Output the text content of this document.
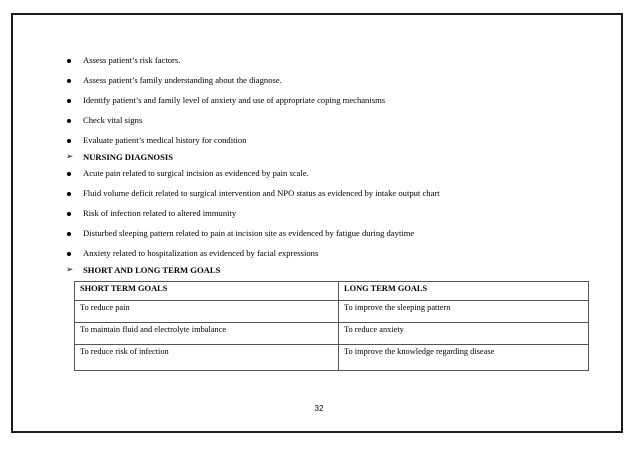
Assess patient’s risk factors.
Assess patient’s family understanding about the diagnose.
Identify patient’s and family level of anxiety and use of appropriate coping mechanisms
Check vital signs
Evaluate patient’s medical history for condition
➢ NURSING DIAGNOSIS
Acute pain related to surgical incision as evidenced by pain scale.
Fluid volume deficit related to surgical intervention and NPO status as evidenced by intake output chart
Risk of infection related to altered immunity
Disturbed sleeping pattern related to pain at incision site as evidenced by fatigue during daytime
Anxiety related to hospitalization as evidenced by facial expressions
➢ SHORT AND LONG TERM GOALS
SHORT TERM GOALS	LONG TERM GOALS
To reduce pain	To improve the sleeping pattern
To maintain fluid and electrolyte imbalance	To reduce anxiety
To reduce risk of infection	To improve the knowledge regarding disease
32
